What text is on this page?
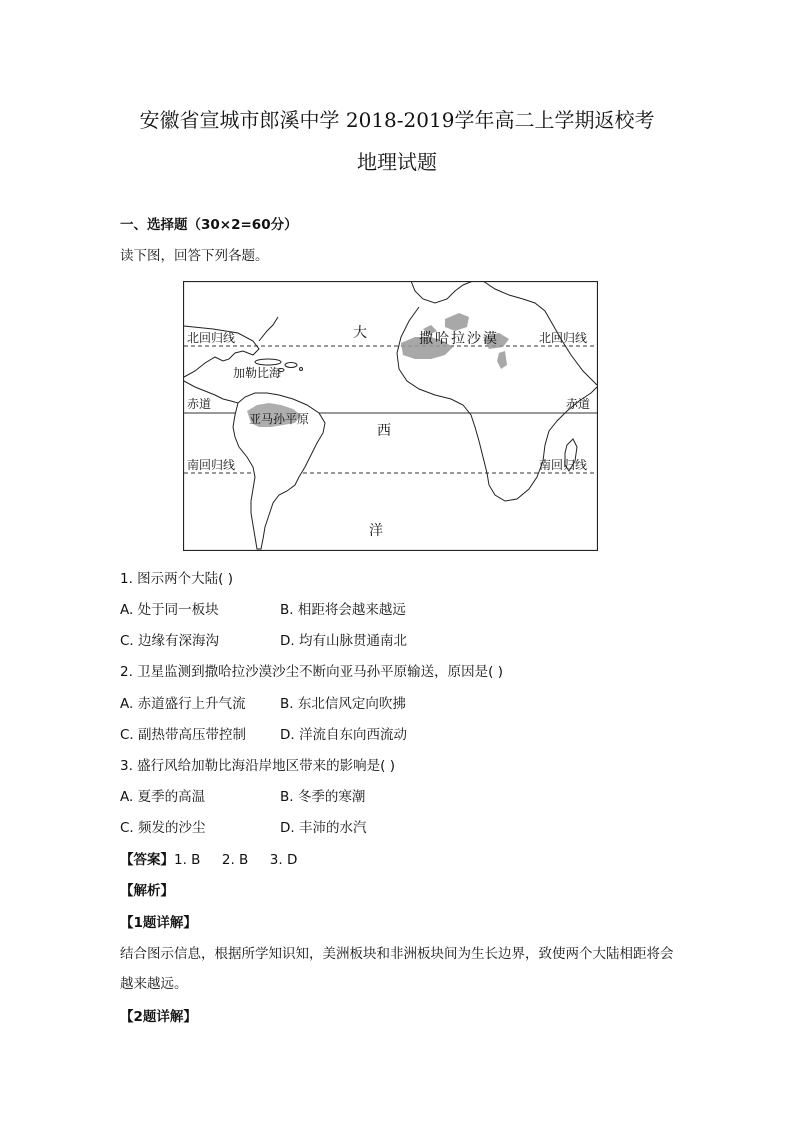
安徽省宣城市郎溪中学 2018-2019学年高二上学期返校考
地理试题
一、选择题（30×2=60分）
读下图，回答下列各题。
北回归线	北回归线
赤道	赤道
南回归线	南回归线
大
西
洋
加勒比海
亚马孙平原
撒哈拉沙漠
1. 图示两个大陆( )
A. 处于同一板块	B. 相距将会越来越远
C. 边缘有深海沟	D. 均有山脉贯通南北
2. 卫星监测到撒哈拉沙漠沙尘不断向亚马孙平原输送，原因是( )
A. 赤道盛行上升气流	B. 东北信风定向吹拂
C. 副热带高压带控制	D. 洋流自东向西流动
3. 盛行风给加勒比海沿岸地区带来的影响是( )
A. 夏季的高温	B. 冬季的寒潮
C. 频发的沙尘	D. 丰沛的水汽
【答案】1. B     2. B     3. D
【解析】
【1题详解】
结合图示信息，根据所学知识知，美洲板块和非洲板块间为生长边界，致使两个大陆相距将会越来越远。
【2题详解】
